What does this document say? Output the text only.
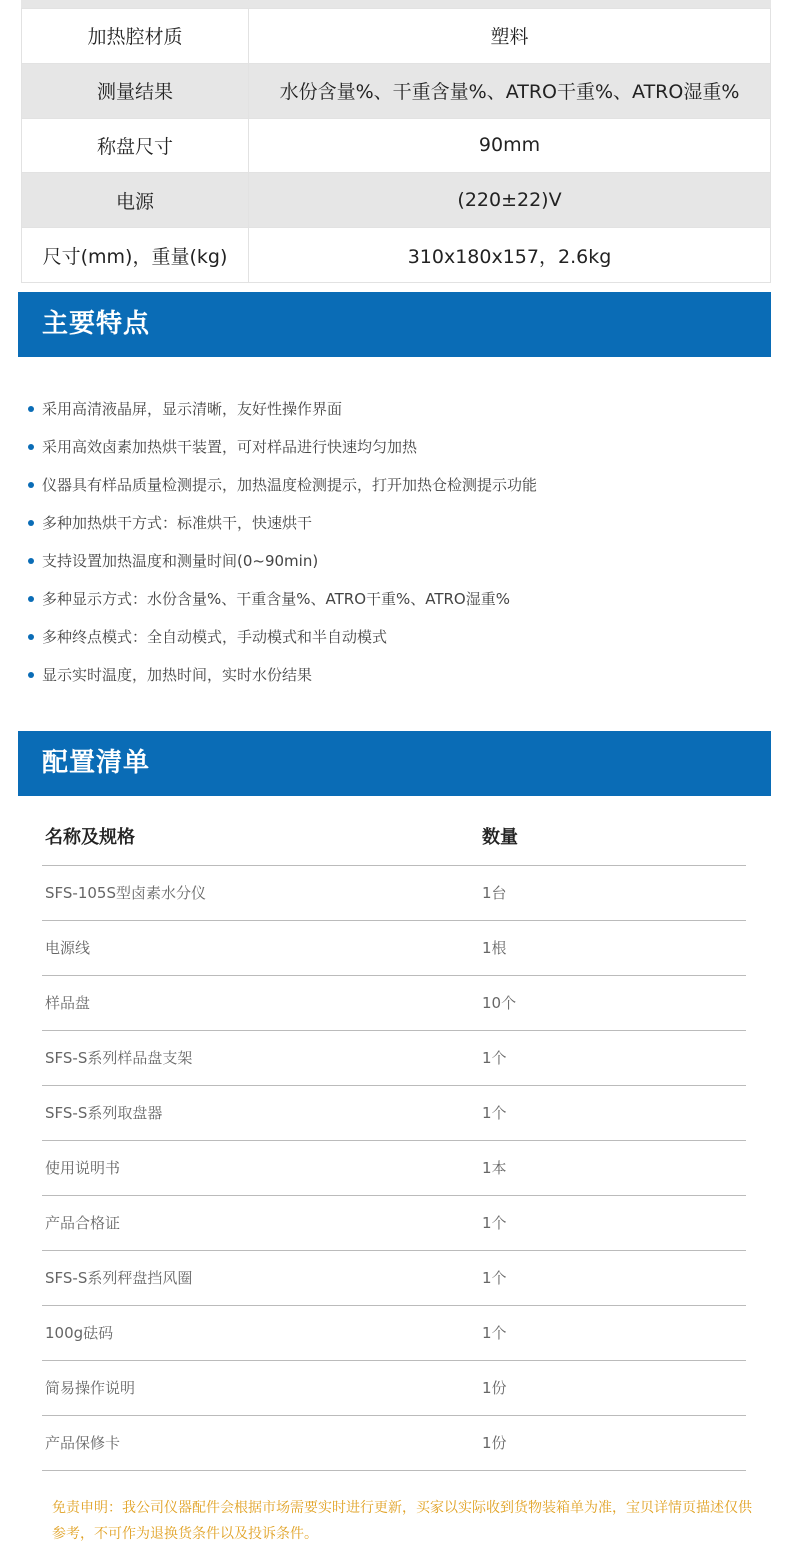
加热腔材质	塑料
测量结果	水份含量%、干重含量%、ATRO干重%、ATRO湿重%
称盘尺寸	90mm
电源	(220±22)V
尺寸(mm)，重量(kg)	310x180x157，2.6kg
主要特点
采用高清液晶屏，显示清晰，友好性操作界面
采用高效卤素加热烘干装置，可对样品进行快速均匀加热
仪器具有样品质量检测提示，加热温度检测提示，打开加热仓检测提示功能
多种加热烘干方式：标准烘干，快速烘干
支持设置加热温度和测量时间(0~90min)
多种显示方式：水份含量%、干重含量%、ATRO干重%、ATRO湿重%
多种终点模式：全自动模式，手动模式和半自动模式
显示实时温度，加热时间，实时水份结果
配置清单
名称及规格	数量
SFS-105S型卤素水分仪	1台
电源线	1根
样品盘	10个
SFS-S系列样品盘支架	1个
SFS-S系列取盘器	1个
使用说明书	1本
产品合格证	1个
SFS-S系列秤盘挡风圈	1个
100g砝码	1个
简易操作说明	1份
产品保修卡	1份
免责申明：我公司仪器配件会根据市场需要实时进行更新，买家以实际收到货物装箱单为准，宝贝详情页描述仅供参考，不可作为退换货条件以及投诉条件。
